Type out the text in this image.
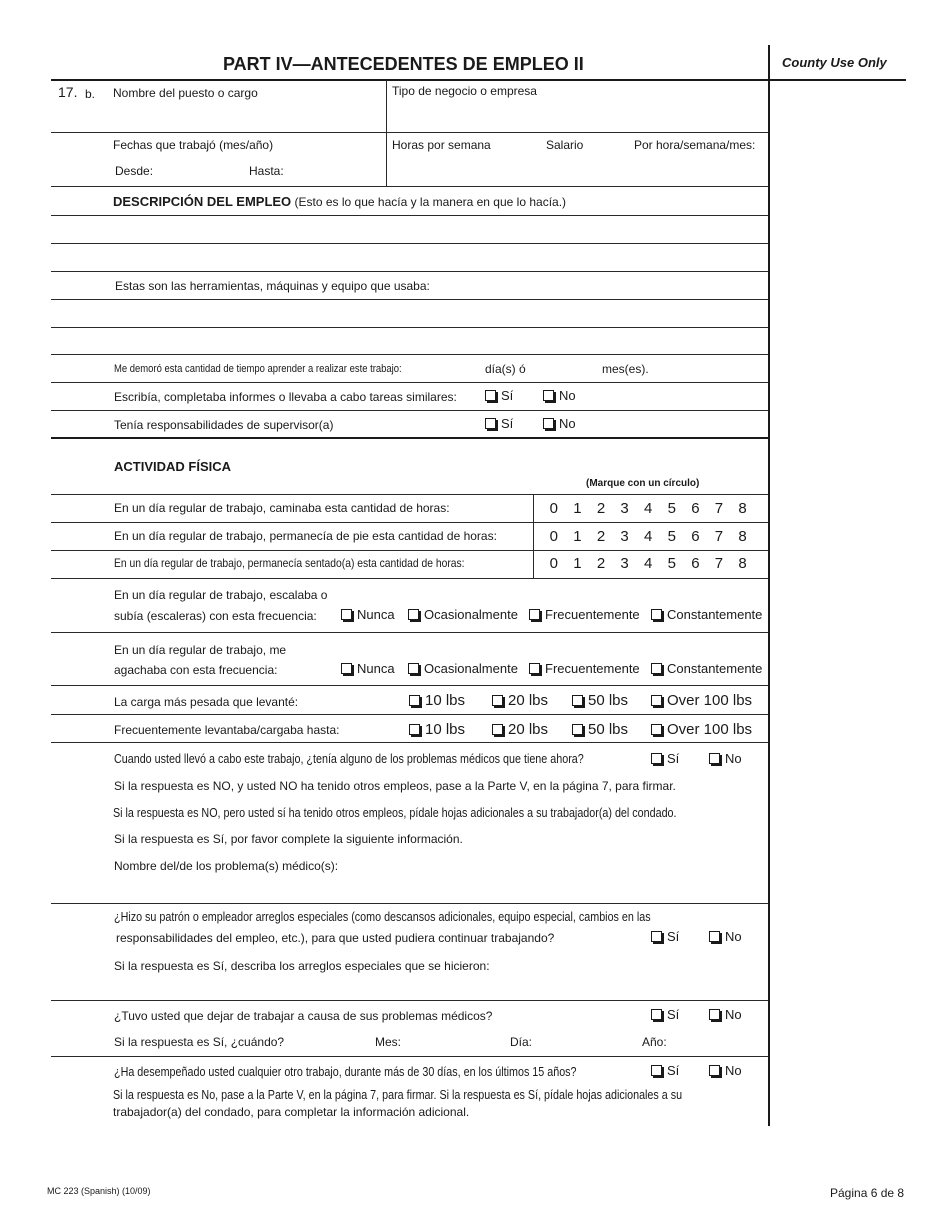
PART IV—ANTECEDENTES DE EMPLEO II	County Use Only
17. b. Nombre del puesto o cargo	Tipo de negocio o empresa
Fechas que trabajó (mes/año)
Desde:	Hasta:
Horas por semana	Salario	Por hora/semana/mes:
DESCRIPCIÓN DEL EMPLEO (Esto es lo que hacía y la manera en que lo hacía.)
Estas son las herramientas, máquinas y equipo que usaba:
Me demoró esta cantidad de tiempo aprender a realizar este trabajo:	día(s) ó	mes(es).
Escribía, completaba informes o llevaba a cabo tareas similares:	Sí	No
Tenía responsabilidades de supervisor(a)	Sí	No
ACTIVIDAD FÍSICA
(Marque con un círculo)
En un día regular de trabajo, caminaba esta cantidad de horas:	0	1	2	3	4	5	6	7	8
En un día regular de trabajo, permanecía de pie esta cantidad de horas:	0	1	2	3	4	5	6	7	8
En un día regular de trabajo, permanecía sentado(a) esta cantidad de horas:	0	1	2	3	4	5	6	7	8
En un día regular de trabajo, escalaba o
subía (escaleras) con esta frecuencia:	Nunca	Ocasionalmente	Frecuentemente	Constantemente
En un día regular de trabajo, me
agachaba con esta frecuencia:	Nunca	Ocasionalmente	Frecuentemente	Constantemente
La carga más pesada que levanté:	10 lbs	20 lbs	50 lbs	Over 100 lbs
Frecuentemente levantaba/cargaba hasta:	10 lbs	20 lbs	50 lbs	Over 100 lbs
Cuando usted llevó a cabo este trabajo, ¿tenía alguno de los problemas médicos que tiene ahora?	Sí	No
Si la respuesta es NO, y usted NO ha tenido otros empleos, pase a la Parte V, en la página 7, para firmar.
Si la respuesta es NO, pero usted sí ha tenido otros empleos, pídale hojas adicionales a su trabajador(a) del condado.
Si la respuesta es Sí, por favor complete la siguiente información.
Nombre del/de los problema(s) médico(s):
¿Hizo su patrón o empleador arreglos especiales (como descansos adicionales, equipo especial, cambios en las
responsabilidades del empleo, etc.), para que usted pudiera continuar trabajando?	Sí	No
Si la respuesta es Sí, describa los arreglos especiales que se hicieron:
¿Tuvo usted que dejar de trabajar a causa de sus problemas médicos?	Sí	No
Si la respuesta es Sí, ¿cuándo?	Mes:	Día:	Año:
¿Ha desempeñado usted cualquier otro trabajo, durante más de 30 días, en los últimos 15 años?	Sí	No
Si la respuesta es No, pase a la Parte V, en la página 7, para firmar. Si la respuesta es Sí, pídale hojas adicionales a su
trabajador(a) del condado, para completar la información adicional.
MC 223 (Spanish) (10/09)	Página 6 de 8
